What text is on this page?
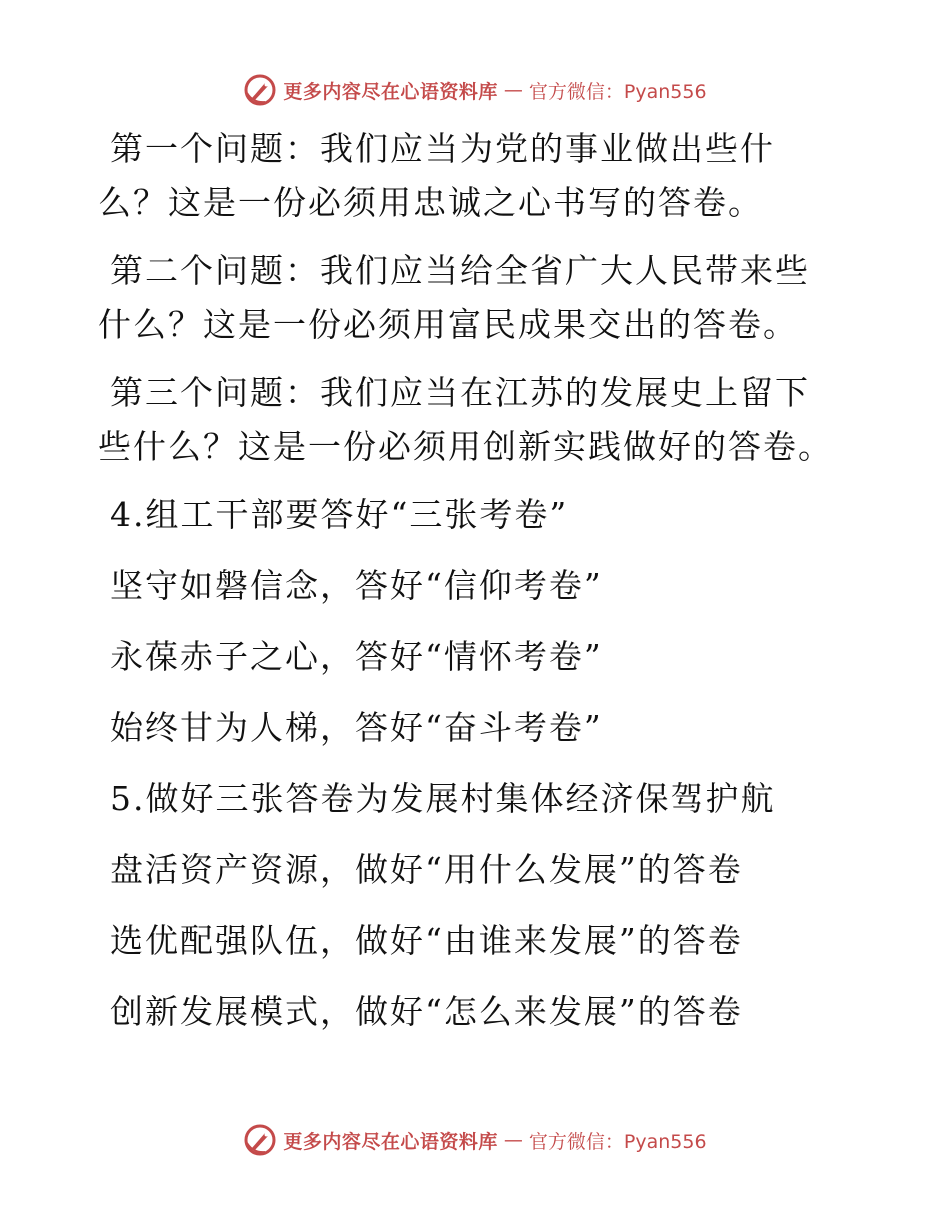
更多内容尽在心语资料库 — 官方微信：Pyan556

第一个问题：我们应当为党的事业做出些什么？这是一份必须用忠诚之心书写的答卷。

第二个问题：我们应当给全省广大人民带来些什么？这是一份必须用富民成果交出的答卷。

第三个问题：我们应当在江苏的发展史上留下些什么？这是一份必须用创新实践做好的答卷。

4.组工干部要答好“三张考卷”
坚守如磐信念，答好“信仰考卷”
永葆赤子之心，答好“情怀考卷”
始终甘为人梯，答好“奋斗考卷”
5.做好三张答卷为发展村集体经济保驾护航
盘活资产资源，做好“用什么发展”的答卷
选优配强队伍，做好“由谁来发展”的答卷
创新发展模式，做好“怎么来发展”的答卷
更多内容尽在心语资料库 — 官方微信：Pyan556
